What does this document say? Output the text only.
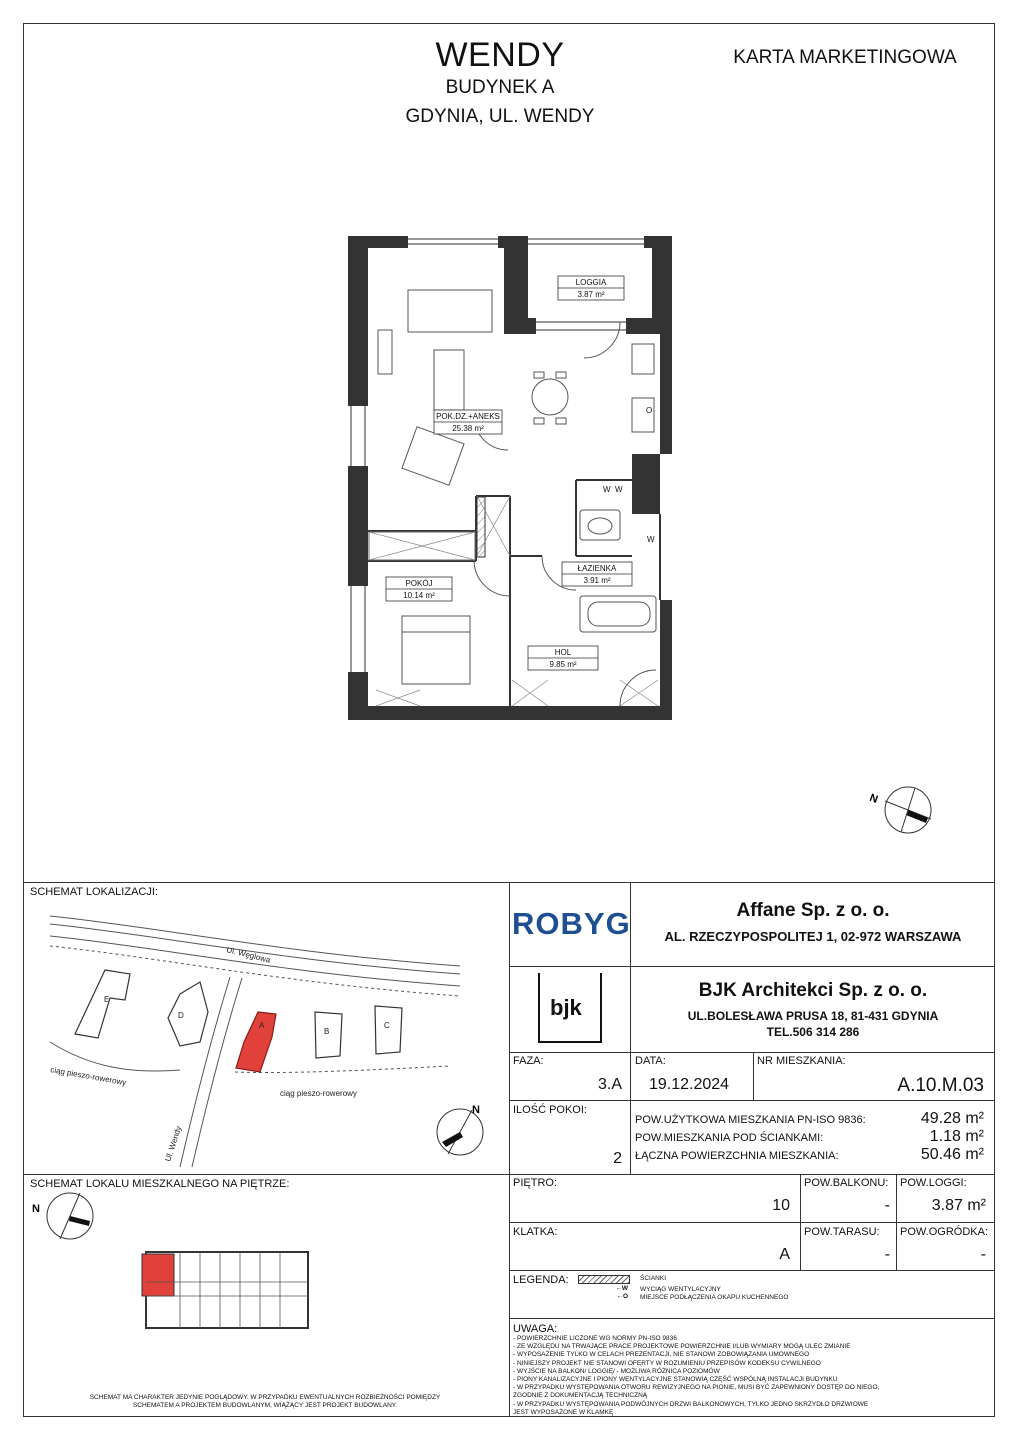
WENDY
BUDYNEK A
GDYNIA, UL. WENDY
KARTA MARKETINGOWA
W W
W
O
LOGGIA
3.87 m²
POK.DZ.+ANEKS
25.38 m²
ŁAZIENKA
3.91 m²
POKÓJ
10.14 m²
HOL
9.85 m²
N
SCHEMAT LOKALIZACJI:
Ul. Węglowa
Ul. Wendy
ciąg pieszo-rowerowy
ciąg pieszo-rowerowy
E
D
A
B
C
N
SCHEMAT LOKALU MIESZKALNEGO NA PIĘTRZE:
N
SCHEMAT MA CHARAKTER JEDYNIE POGLĄDOWY. W PRZYPADKU EWENTUALNYCH ROZBIEŻNOŚCI POMIĘDZY
SCHEMATEM A PROJEKTEM BUDOWLANYM, WIĄŻĄCY JEST PROJEKT BUDOWLANY.
ROBYG	Affane Sp. z o. o.
AL. RZECZYPOSPOLITEJ 1, 02-972 WARSZAWA
bjk
BJK Architekci Sp. z o. o.
UL.BOLESŁAWA PRUSA 18, 81-431 GDYNIA
TEL.506 314 286
FAZA:
3.A
DATA:
19.12.2024
NR MIESZKANIA:
A.10.M.03
ILOŚĆ POKOI:
2
POW.UŻYTKOWA MIESZKANIA PN-ISO 9836:	49.28 m²
POW.MIESZKANIA POD ŚCIANKAMI:	1.18 m²
ŁĄCZNA POWIERZCHNIA MIESZKANIA:	50.46 m²
PIĘTRO:
10
POW.BALKONU:
-
POW.LOGGI:
3.87 m²
KLATKA:
A
POW.TARASU:
-
POW.OGRÓDKA:
-
LEGENDA:	ŚCIANKI
←W WYCIĄG WENTYLACYJNY
←O MIEJSCE PODŁĄCZENIA OKAPU KUCHENNEGO
UWAGA:
- POWIERZCHNIE LICZONE WG NORMY PN-ISO 9836
- ZE WZGLĘDU NA TRWAJĄCE PRACE PROJEKTOWE POWIERZCHNIE I/LUB WYMIARY MOGĄ ULEC ZMIANIE
- WYPOSAŻENIE TYLKO W CELACH PREZENTACJI, NIE STANOWI ZOBOWIĄZANIA UMOWNEGO
- NINIEJSZY PROJEKT NIE STANOWI OFERTY W ROZUMIENIU PRZEPISÓW KODEKSU CYWILNEGO
- WYJŚCIE NA BALKON/ LOGGIĘ/ - MOŻLIWA RÓŻNICA POZIOMÓW
- PIONY KANALIZACYJNE I PIONY WENTYLACYJNE STANOWIĄ CZĘŚĆ WSPÓLNĄ INSTALACJI BUDYNKU
- W PRZYPADKU WYSTĘPOWANIA OTWORU REWIZYJNEGO NA PIONIE, MUSI BYĆ ZAPEWNIONY DOSTĘP DO NIEGO,
ZGODNIE Z DOKUMENTACJĄ TECHNICZNĄ
- W PRZYPADKU WYSTĘPOWANIA PODWÓJNYCH DRZWI BALKONOWYCH, TYLKO JEDNO SKRZYDŁO DRZWIOWE
JEST WYPOSAŻONE W KLAMKĘ
